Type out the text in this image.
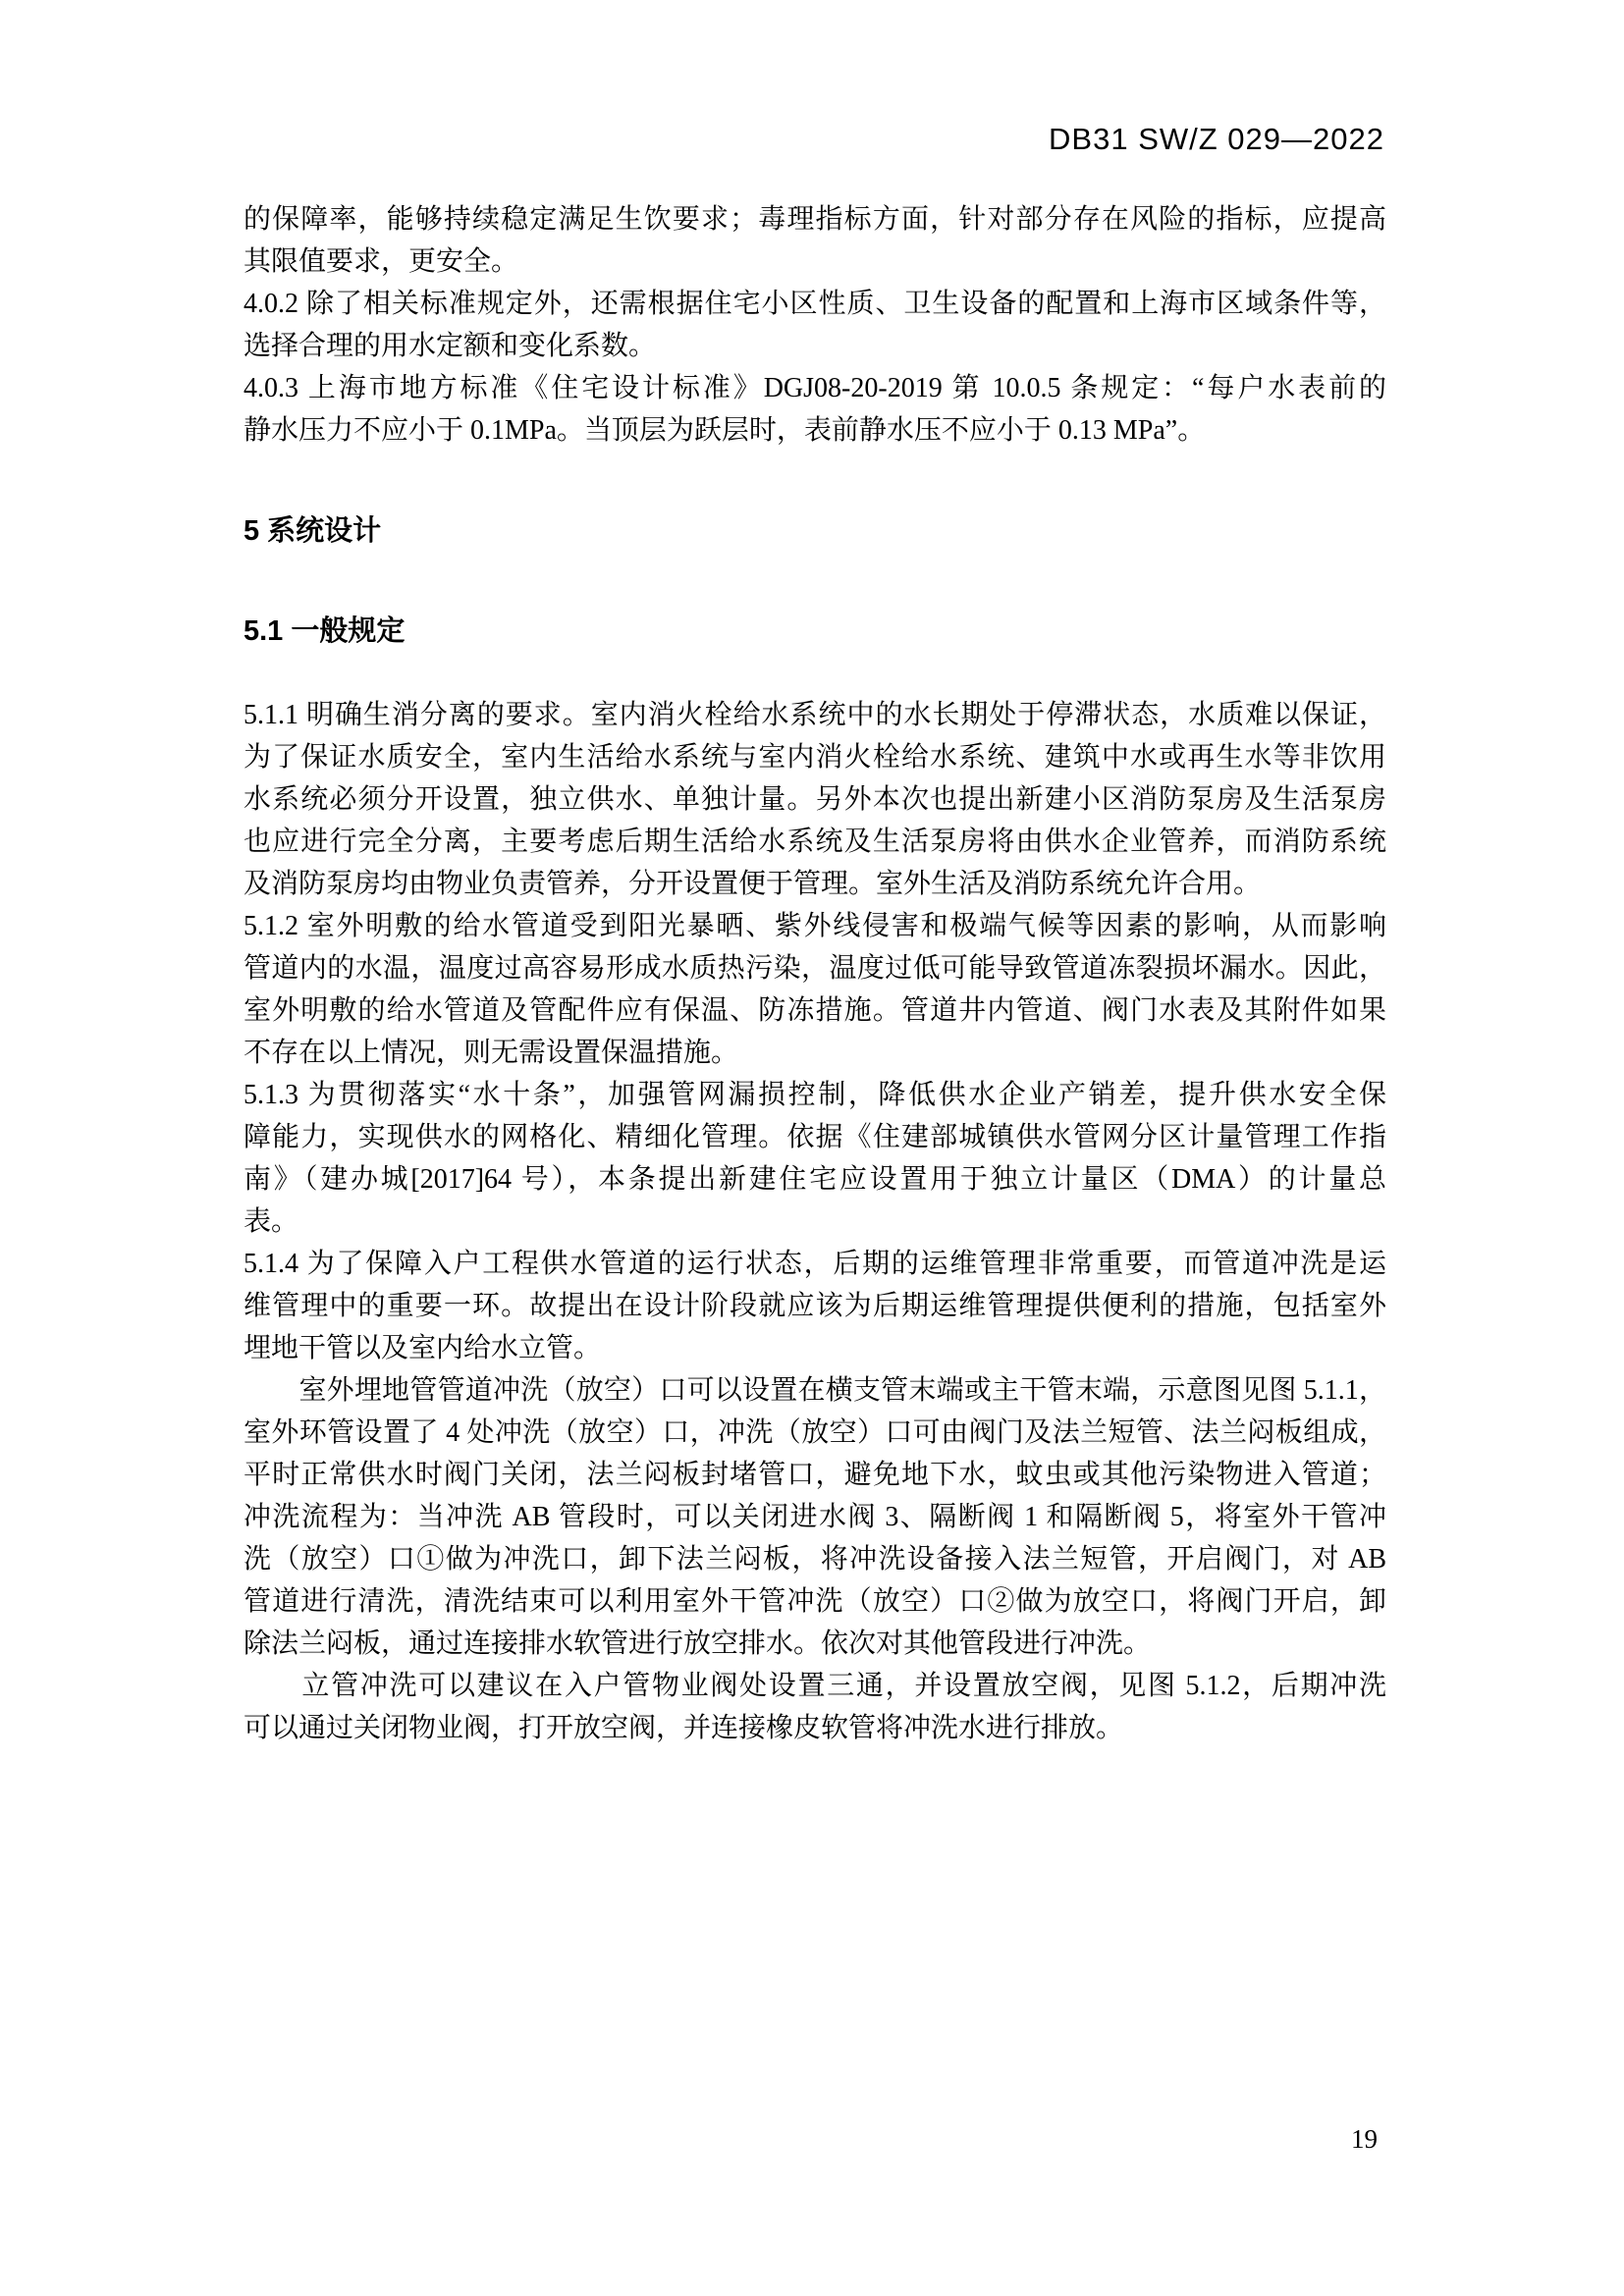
DB31 SW/Z 029—2022
的保障率，能够持续稳定满足生饮要求；毒理指标方面，针对部分存在风险的指标，应提高
其限值要求，更安全。
4.0.2 除了相关标准规定外，还需根据住宅小区性质、卫生设备的配置和上海市区域条件等，
选择合理的用水定额和变化系数。
4.0.3 上海市地方标准《住宅设计标准》DGJ08-20-2019 第 10.0.5 条规定：“每户水表前的
静水压力不应小于 0.1MPa。当顶层为跃层时，表前静水压不应小于 0.13 MPa”。
5 系统设计
5.1 一般规定
5.1.1 明确生消分离的要求。室内消火栓给水系统中的水长期处于停滞状态，水质难以保证，
为了保证水质安全，室内生活给水系统与室内消火栓给水系统、建筑中水或再生水等非饮用
水系统必须分开设置，独立供水、单独计量。另外本次也提出新建小区消防泵房及生活泵房
也应进行完全分离，主要考虑后期生活给水系统及生活泵房将由供水企业管养，而消防系统
及消防泵房均由物业负责管养，分开设置便于管理。室外生活及消防系统允许合用。
5.1.2 室外明敷的给水管道受到阳光暴晒、紫外线侵害和极端气候等因素的影响，从而影响
管道内的水温，温度过高容易形成水质热污染，温度过低可能导致管道冻裂损坏漏水。因此，
室外明敷的给水管道及管配件应有保温、防冻措施。管道井内管道、阀门水表及其附件如果
不存在以上情况，则无需设置保温措施。
5.1.3 为贯彻落实“水十条”，加强管网漏损控制，降低供水企业产销差，提升供水安全保
障能力，实现供水的网格化、精细化管理。依据《住建部城镇供水管网分区计量管理工作指
南》（建办城[2017]64 号），本条提出新建住宅应设置用于独立计量区（DMA）的计量总
表。
5.1.4 为了保障入户工程供水管道的运行状态，后期的运维管理非常重要，而管道冲洗是运
维管理中的重要一环。故提出在设计阶段就应该为后期运维管理提供便利的措施，包括室外
埋地干管以及室内给水立管。
　　室外埋地管管道冲洗（放空）口可以设置在横支管末端或主干管末端，示意图见图 5.1.1，
室外环管设置了 4 处冲洗（放空）口，冲洗（放空）口可由阀门及法兰短管、法兰闷板组成，
平时正常供水时阀门关闭，法兰闷板封堵管口，避免地下水，蚊虫或其他污染物进入管道；
冲洗流程为：当冲洗 AB 管段时，可以关闭进水阀 3、隔断阀 1 和隔断阀 5，将室外干管冲
洗（放空）口①做为冲洗口，卸下法兰闷板，将冲洗设备接入法兰短管，开启阀门，对 AB
管道进行清洗，清洗结束可以利用室外干管冲洗（放空）口②做为放空口，将阀门开启，卸
除法兰闷板，通过连接排水软管进行放空排水。依次对其他管段进行冲洗。
　　立管冲洗可以建议在入户管物业阀处设置三通，并设置放空阀，见图 5.1.2，后期冲洗
可以通过关闭物业阀，打开放空阀，并连接橡皮软管将冲洗水进行排放。
19
